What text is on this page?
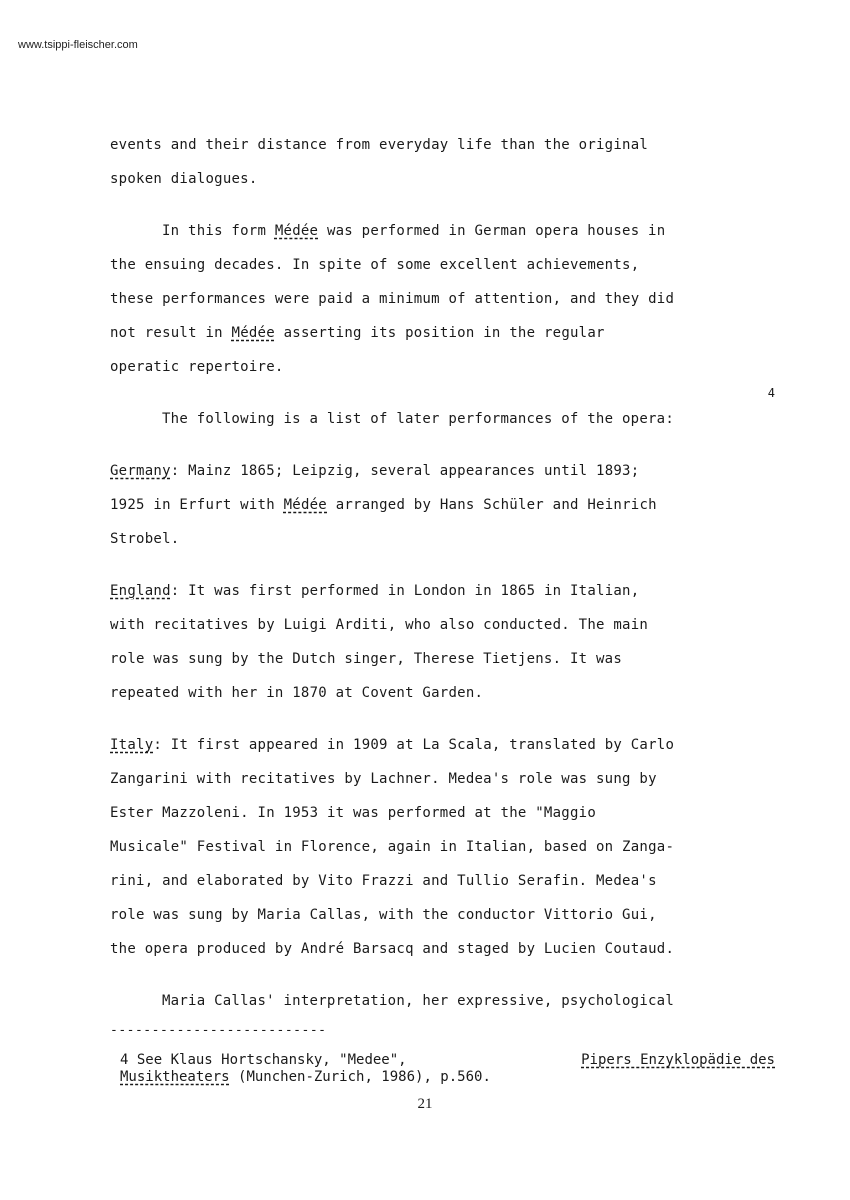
www.tsippi-fleischer.com
events and their distance from everyday life than the original
spoken dialogues.
In this form Médée was performed in German opera houses in
the ensuing decades. In spite of some excellent achievements,
these performances were paid a minimum of attention, and they did
not result in Médée asserting its position in the regular
operatic repertoire.
4
The following is a list of later performances of the opera:
Germany: Mainz 1865; Leipzig, several appearances until 1893;
1925 in Erfurt with Médée arranged by Hans Schüler and Heinrich
Strobel.
England: It was first performed in London in 1865 in Italian,
with recitatives by Luigi Arditi, who also conducted. The main
role was sung by the Dutch singer, Therese Tietjens. It was
repeated with her in 1870 at Covent Garden.
Italy: It first appeared in 1909 at La Scala, translated by Carlo
Zangarini with recitatives by Lachner. Medea's role was sung by
Ester Mazzoleni. In 1953 it was performed at the "Maggio
Musicale" Festival in Florence, again in Italian, based on Zanga-
rini, and elaborated by Vito Frazzi and Tullio Serafin. Medea's
role was sung by Maria Callas, with the conductor Vittorio Gui,
the opera produced by André Barsacq and staged by Lucien Coutaud.
Maria Callas' interpretation, her expressive, psychological
--------------------------
4 See Klaus Hortschansky, "Medee",	Pipers Enzyklopädie des
Musiktheaters (Munchen-Zurich, 1986), p.560.
21
